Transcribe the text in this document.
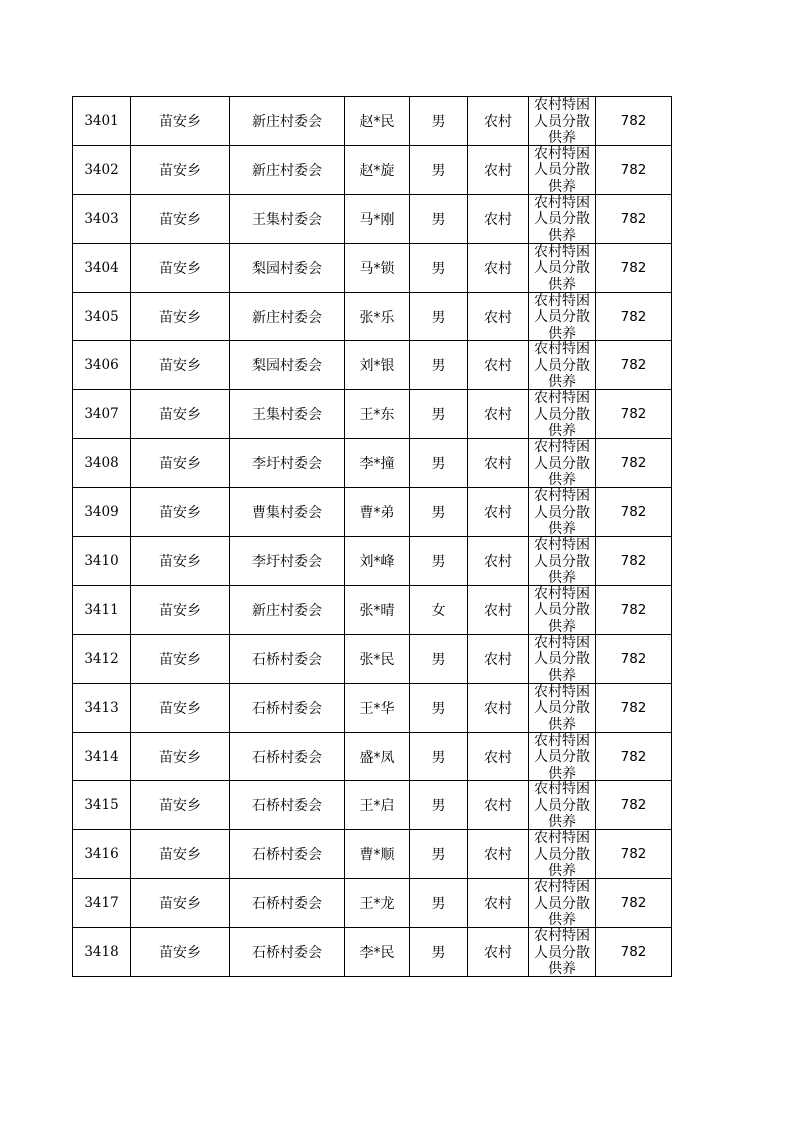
3401	苗安乡	新庄村委会	赵*民	男	农村	农村特困人员分散供养	782
3402	苗安乡	新庄村委会	赵*旋	男	农村	农村特困人员分散供养	782
3403	苗安乡	王集村委会	马*刚	男	农村	农村特困人员分散供养	782
3404	苗安乡	梨园村委会	马*锁	男	农村	农村特困人员分散供养	782
3405	苗安乡	新庄村委会	张*乐	男	农村	农村特困人员分散供养	782
3406	苗安乡	梨园村委会	刘*银	男	农村	农村特困人员分散供养	782
3407	苗安乡	王集村委会	王*东	男	农村	农村特困人员分散供养	782
3408	苗安乡	李圩村委会	李*撞	男	农村	农村特困人员分散供养	782
3409	苗安乡	曹集村委会	曹*弟	男	农村	农村特困人员分散供养	782
3410	苗安乡	李圩村委会	刘*峰	男	农村	农村特困人员分散供养	782
3411	苗安乡	新庄村委会	张*晴	女	农村	农村特困人员分散供养	782
3412	苗安乡	石桥村委会	张*民	男	农村	农村特困人员分散供养	782
3413	苗安乡	石桥村委会	王*华	男	农村	农村特困人员分散供养	782
3414	苗安乡	石桥村委会	盛*凤	男	农村	农村特困人员分散供养	782
3415	苗安乡	石桥村委会	王*启	男	农村	农村特困人员分散供养	782
3416	苗安乡	石桥村委会	曹*顺	男	农村	农村特困人员分散供养	782
3417	苗安乡	石桥村委会	王*龙	男	农村	农村特困人员分散供养	782
3418	苗安乡	石桥村委会	李*民	男	农村	农村特困人员分散供养	782
